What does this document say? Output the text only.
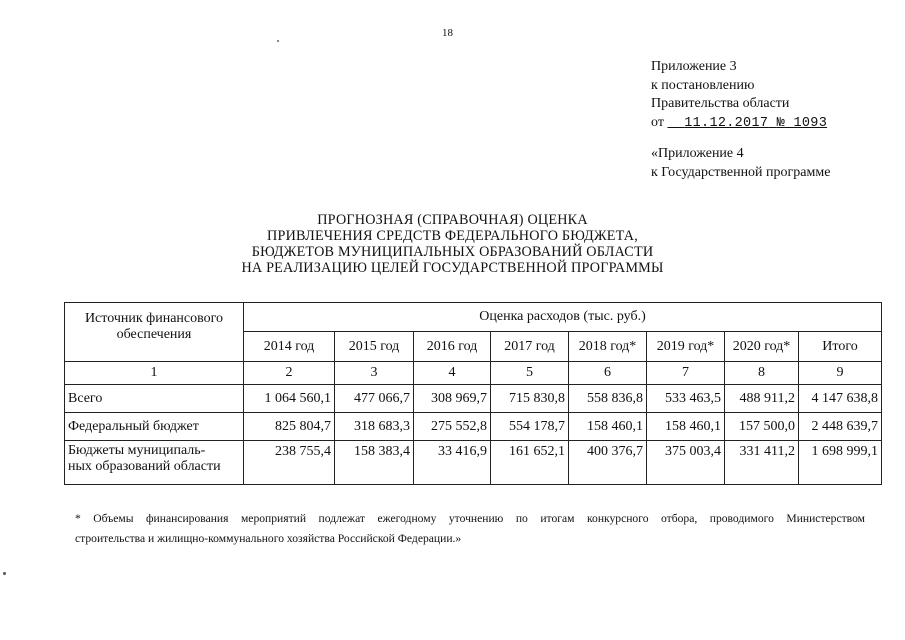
18
Приложение 3
к постановлению
Правительства области
от 11.12.2017 № 1093
«Приложение 4
к Государственной программе
ПРОГНОЗНАЯ (СПРАВОЧНАЯ) ОЦЕНКА
ПРИВЛЕЧЕНИЯ СРЕДСТВ ФЕДЕРАЛЬНОГО БЮДЖЕТА,
БЮДЖЕТОВ МУНИЦИПАЛЬНЫХ ОБРАЗОВАНИЙ ОБЛАСТИ
НА РЕАЛИЗАЦИЮ ЦЕЛЕЙ ГОСУДАРСТВЕННОЙ ПРОГРАММЫ
Источник финансового
обеспечения	Оценка расходов (тыс. руб.)							
	2014 год	2015 год	2016 год	2017 год	2018 год*	2019 год*	2020 год*	Итого
1	2	3	4	5	6	7	8	9
Всего	1 064 560,1	477 066,7	308 969,7	715 830,8	558 836,8	533 463,5	488 911,2	4 147 638,8
Федеральный бюджет	825 804,7	318 683,3	275 552,8	554 178,7	158 460,1	158 460,1	157 500,0	2 448 639,7
Бюджеты муниципаль-
ных образований области	238 755,4	158 383,4	33 416,9	161 652,1	400 376,7	375 003,4	331 411,2	1 698 999,1
* Объемы финансирования мероприятий подлежат ежегодному уточнению по итогам конкурсного отбора, проводимого Министерством
строительства и жилищно-коммунального хозяйства Российской Федерации.»
